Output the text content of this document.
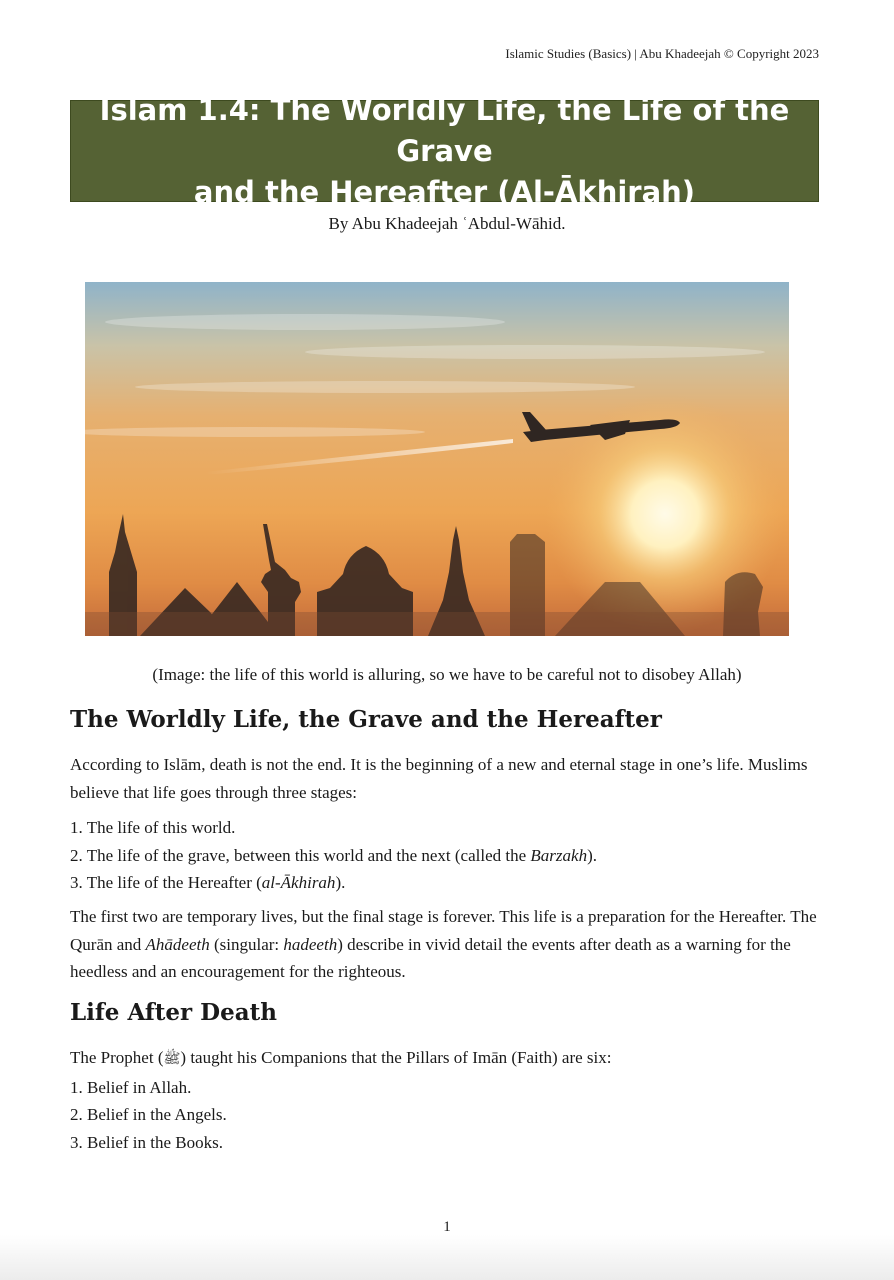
Islamic Studies (Basics) | Abu Khadeejah © Copyright 2023
Islam 1.4: The Worldly Life, the Life of the Grave
and the Hereafter (Al-Ākhirah)
By Abu Khadeejah ʿAbdul-Wāhid.
(Image: the life of this world is alluring, so we have to be careful not to disobey Allah)
The Worldly Life, the Grave and the Hereafter

According to Islām, death is not the end. It is the beginning of a new and eternal stage in one’s life. Muslims believe that life goes through three stages:

1. The life of this world.
2. The life of the grave, between this world and the next (called the Barzakh).
3. The life of the Hereafter (al-Ākhirah).

The first two are temporary lives, but the final stage is forever. This life is a preparation for the Hereafter. The Qurān and Ahādeeth (singular: hadeeth) describe in vivid detail the events after death as a warning for the heedless and an encouragement for the righteous.

Life After Death
The Prophet (ﷺ) taught his Companions that the Pillars of Imān (Faith) are six:
1. Belief in Allah.
2. Belief in the Angels.
3. Belief in the Books.
1
